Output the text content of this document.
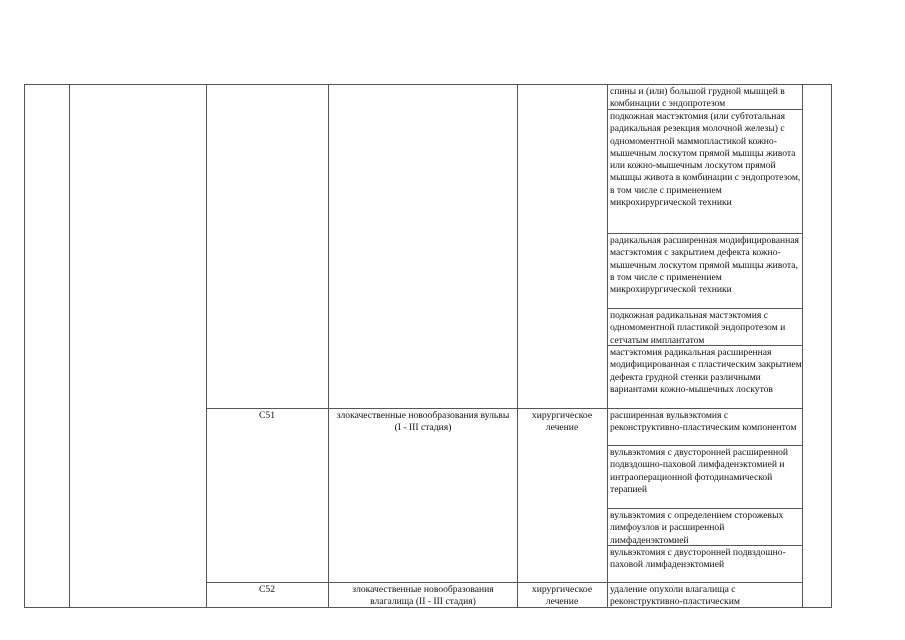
спины и (или) большой грудной мышцей в комбинации с эндопротезом
подкожная мастэктомия (или субтотальная радикальная резекция молочной железы) с одномоментной маммопластикой кожно-мышечным лоскутом прямой мышцы живота или кожно-мышечным лоскутом прямой мышцы живота в комбинации с эндопротезом, в том числе с применением микрохирургической техники
радикальная расширенная модифицированная мастэктомия с закрытием дефекта кожно-мышечным лоскутом прямой мышцы живота, в том числе с применением микрохирургической техники
подкожная радикальная мастэктомия с одномоментной пластикой эндопротезом и сетчатым имплантатом
мастэктомия радикальная расширенная модифицированная с пластическим закрытием дефекта грудной стенки различными вариантами кожно-мышечных лоскутов
C51	злокачественные новообразования вульвы (I - III стадия)
хирургическое лечение
расширенная вульвэктомия с реконструктивно-пластическим компонентом
вульвэктомия с двусторонней расширенной подвздошно-паховой лимфаденэктомией и интраоперационной фотодинамической терапией
вульвэктомия с определением сторожевых лимфоузлов и расширенной лимфаденэктомией
вульвэктомия с двусторонней подвздошно-паховой лимфаденэктомией
C52	злокачественные новообразования влагалища (II - III стадия)
хирургическое лечение
удаление опухоли влагалища с реконструктивно-пластическим
